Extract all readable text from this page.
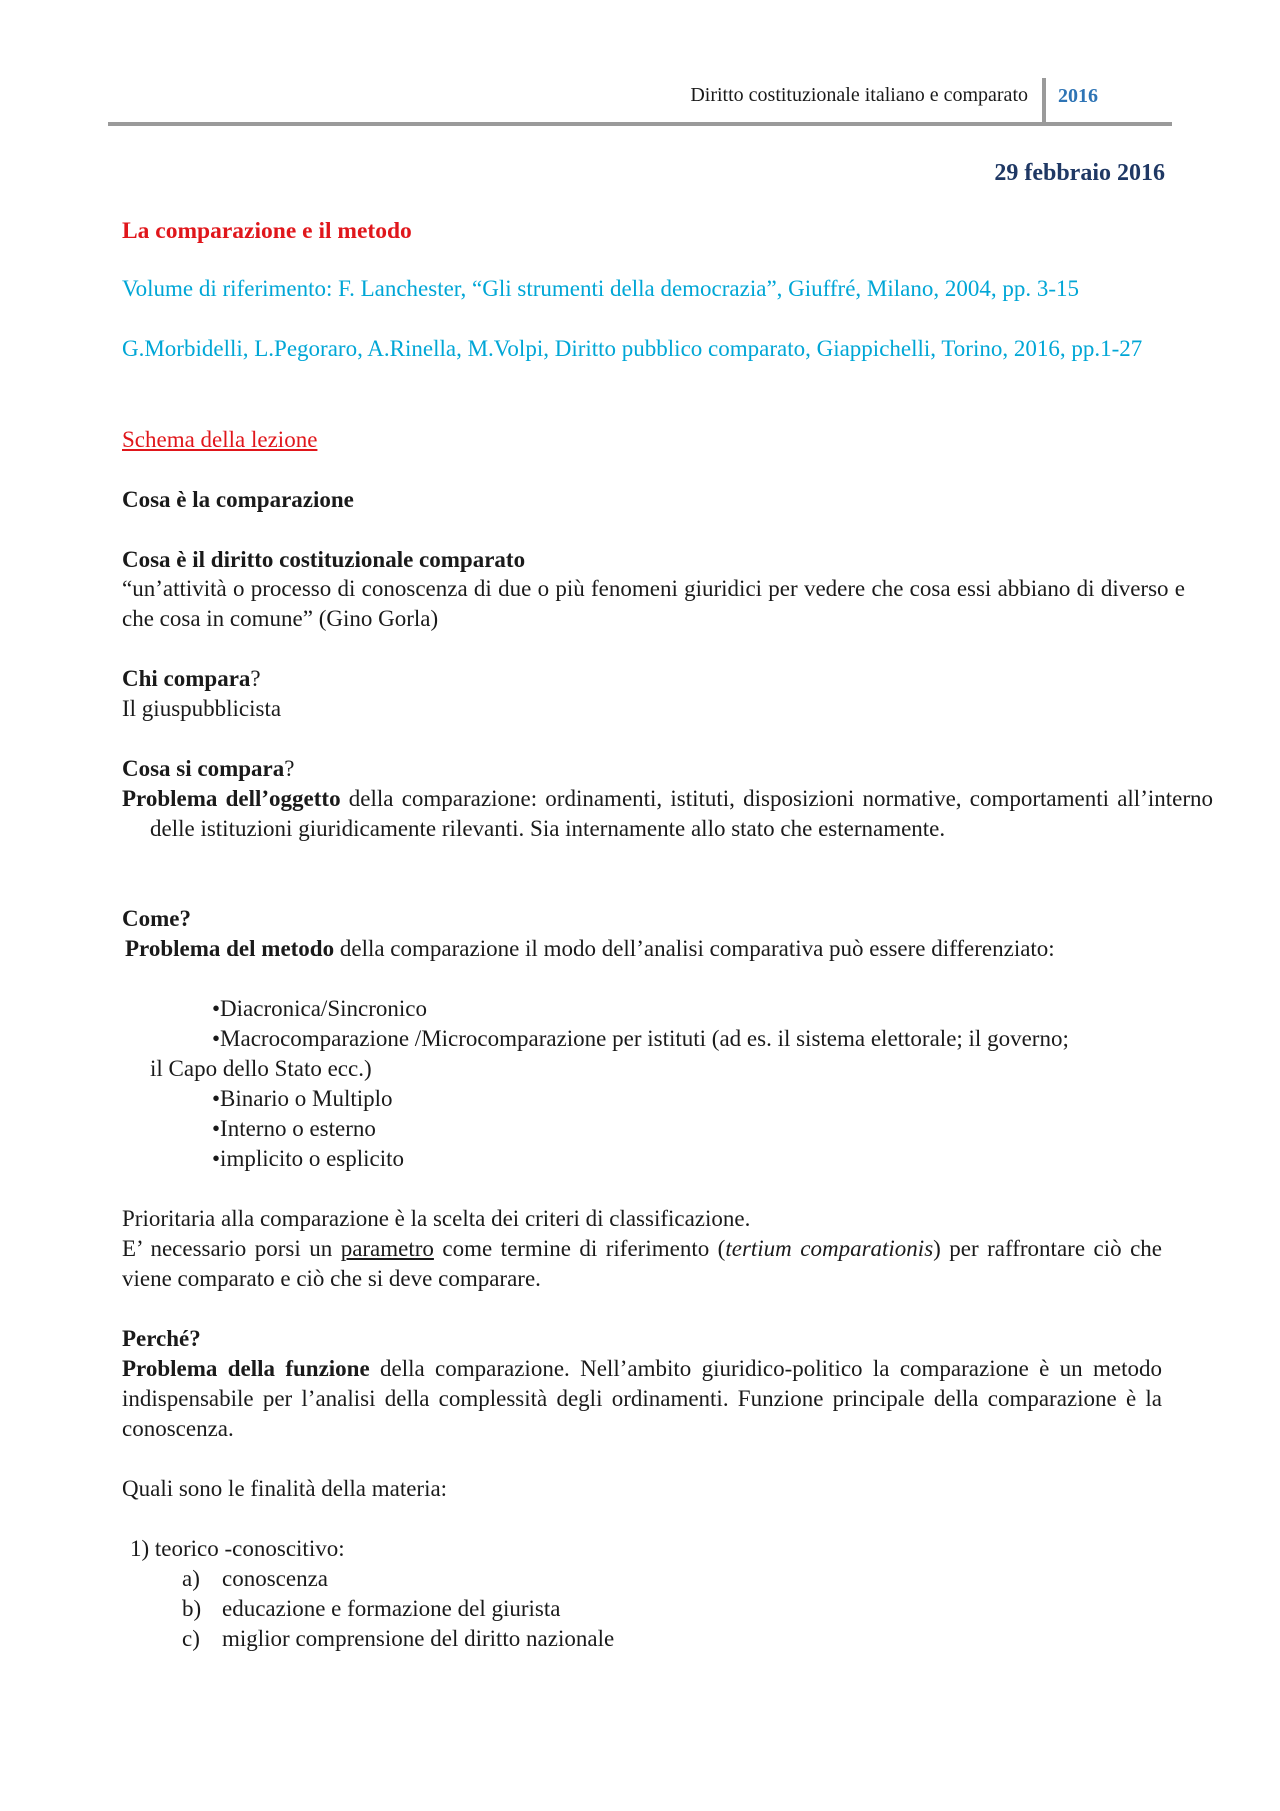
Diritto costituzionale italiano e comparato 2016
29 febbraio 2016
La comparazione e il metodo
Volume di riferimento: F. Lanchester, “Gli strumenti della democrazia”, Giuffré, Milano, 2004, pp. 3-15
G.Morbidelli, L.Pegoraro, A.Rinella, M.Volpi, Diritto pubblico comparato, Giappichelli, Torino, 2016, pp.1-27
Schema della lezione
Cosa è la comparazione
Cosa è il diritto costituzionale comparato
“un’attività o processo di conoscenza di due o più fenomeni giuridici per vedere che cosa essi abbiano di diverso e che cosa in comune” (Gino Gorla)
Chi compara?
Il giuspubblicista
Cosa si compara?
Problema dell’oggetto della comparazione: ordinamenti, istituti, disposizioni normative, comportamenti all’interno delle istituzioni giuridicamente rilevanti. Sia internamente allo stato che esternamente.
Come?
Problema del metodo della comparazione il modo dell’analisi comparativa può essere differenziato:
•Diacronica/Sincronico
•Macrocomparazione /Microcomparazione per istituti (ad es. il sistema elettorale; il governo;
il Capo dello Stato ecc.)
•Binario o Multiplo
•Interno o esterno
•implicito o esplicito
Prioritaria alla comparazione è la scelta dei criteri di classificazione.
E’ necessario porsi un parametro come termine di riferimento (tertium comparationis) per raffrontare ciò che viene comparato e ciò che si deve comparare.
Perché?
Problema della funzione della comparazione. Nell’ambito giuridico-politico la comparazione è un metodo indispensabile per l’analisi della complessità degli ordinamenti. Funzione principale della comparazione è la conoscenza.
Quali sono le finalità della materia:
1) teorico -conoscitivo:
a) conoscenza
b) educazione e formazione del giurista
c) miglior comprensione del diritto nazionale
